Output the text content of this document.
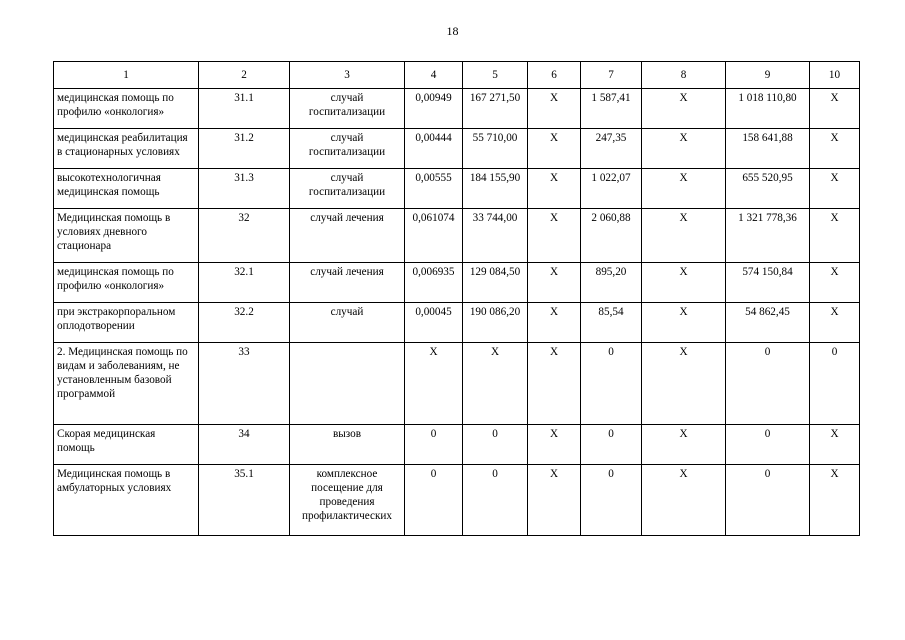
18
1	2	3	4	5	6	7	8	9	10
медицинская помощь по профилю «онкология»	31.1	случай госпитализации	0,00949	167 271,50	Х	1 587,41	Х	1 018 110,80	Х
медицинская реабилитация в стационарных условиях	31.2	случай госпитализации	0,00444	55 710,00	Х	247,35	Х	158 641,88	Х
высокотехнологичная медицинская помощь	31.3	случай госпитализации	0,00555	184 155,90	Х	1 022,07	Х	655 520,95	Х
Медицинская помощь в условиях дневного стационара	32	случай лечения	0,061074	33 744,00	Х	2 060,88	Х	1 321 778,36	Х
медицинская помощь по профилю «онкология»	32.1	случай лечения	0,006935	129 084,50	Х	895,20	Х	574 150,84	Х
при экстракорпоральном оплодотворении	32.2	случай	0,00045	190 086,20	Х	85,54	Х	54 862,45	Х
2. Медицинская помощь по видам и заболеваниям, не установленным базовой программой	33		Х	Х	Х	0	Х	0	0
Скорая медицинская помощь	34	вызов	0	0	Х	0	Х	0	Х
Медицинская помощь в амбулаторных условиях	35.1	комплексное посещение для проведения профилактических	0	0	Х	0	Х	0	Х
